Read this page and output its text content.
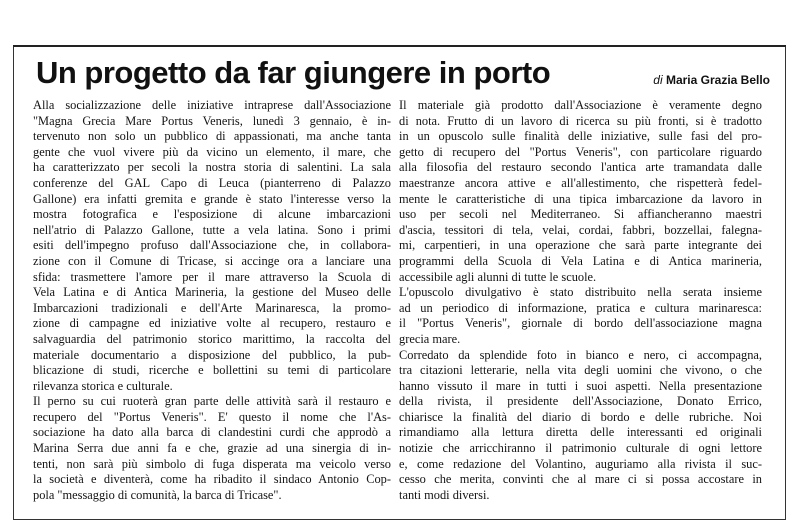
Un progetto da far giungere in porto	di Maria Grazia Bello
Alla socializzazione delle iniziative intraprese dall'Associazione
"Magna Grecia Mare Portus Veneris, lunedì 3 gennaio, è in-
tervenuto non solo un pubblico di appassionati, ma anche tanta
gente che vuol vivere più da vicino un elemento, il mare, che
ha caratterizzato per secoli la nostra storia di salentini. La sala
conferenze del GAL Capo di Leuca (pianterreno di Palazzo
Gallone) era infatti gremita e grande è stato l'interesse verso la
mostra fotografica e l'esposizione di alcune imbarcazioni
nell'atrio di Palazzo Gallone, tutte a vela latina. Sono i primi
esiti dell'impegno profuso dall'Associazione che, in collabora-
zione con il Comune di Tricase, si accinge ora a lanciare una
sfida: trasmettere l'amore per il mare attraverso la Scuola di
Vela Latina e di Antica Marineria, la gestione del Museo delle
Imbarcazioni tradizionali e dell'Arte Marinaresca, la promo-
zione di campagne ed iniziative volte al recupero, restauro e
salvaguardia del patrimonio storico marittimo, la raccolta del
materiale documentario a disposizione del pubblico, la pub-
blicazione di studi, ricerche e bollettini su temi di particolare
rilevanza storica e culturale.
Il perno su cui ruoterà gran parte delle attività sarà il restauro e
recupero del "Portus Veneris". E' questo il nome che l'As-
sociazione ha dato alla barca di clandestini curdi che approdò a
Marina Serra due anni fa e che, grazie ad una sinergia di in-
tenti, non sarà più simbolo di fuga disperata ma veicolo verso
la società e diventerà, come ha ribadito il sindaco Antonio Cop-
pola "messaggio di comunità, la barca di Tricase".
Il materiale già prodotto dall'Associazione è veramente degno
di nota. Frutto di un lavoro di ricerca su più fronti, si è tradotto
in un opuscolo sulle finalità delle iniziative, sulle fasi del pro-
getto di recupero del "Portus Veneris", con particolare riguardo
alla filosofia del restauro secondo l'antica arte tramandata dalle
maestranze ancora attive e all'allestimento, che rispetterà fedel-
mente le caratteristiche di una tipica imbarcazione da lavoro in
uso per secoli nel Mediterraneo. Si affiancheranno maestri
d'ascia, tessitori di tela, velai, cordai, fabbri, bozzellai, falegna-
mi, carpentieri, in una operazione che sarà parte integrante dei
programmi della Scuola di Vela Latina e di Antica marineria,
accessibile agli alunni di tutte le scuole.
L'opuscolo divulgativo è stato distribuito nella serata insieme
ad un periodico di informazione, pratica e cultura marinaresca:
il "Portus Veneris", giornale di bordo dell'associazione magna
grecia mare.
Corredato da splendide foto in bianco e nero, ci accompagna,
tra citazioni letterarie, nella vita degli uomini che vivono, o che
hanno vissuto il mare in tutti i suoi aspetti. Nella presentazione
della rivista, il presidente dell'Associazione, Donato Errico,
chiarisce la finalità del diario di bordo e delle rubriche. Noi
rimandiamo alla lettura diretta delle interessanti ed originali
notizie che arricchiranno il patrimonio culturale di ogni lettore
e, come redazione del Volantino, auguriamo alla rivista il suc-
cesso che merita, convinti che al mare ci si possa accostare in
tanti modi diversi.
